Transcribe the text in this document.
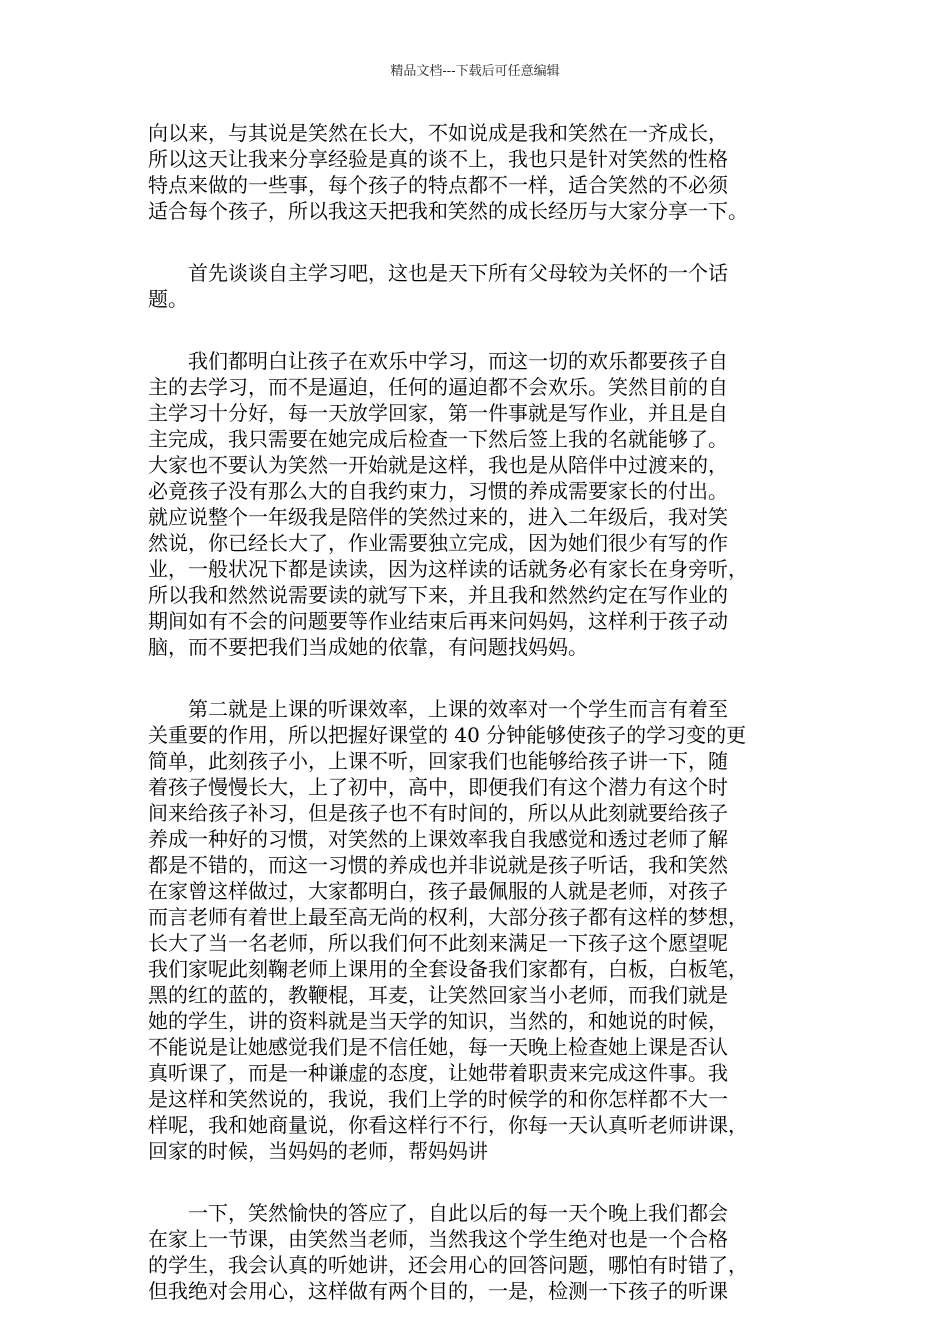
精品文档---下载后可任意编辑

向以来，与其说是笑然在长大，不如说成是我和笑然在一齐成长，
所以这天让我来分享经验是真的谈不上，我也只是针对笑然的性格
特点来做的一些事，每个孩子的特点都不一样，适合笑然的不必须
适合每个孩子，所以我这天把我和笑然的成长经历与大家分享一下。

　　首先谈谈自主学习吧，这也是天下所有父母较为关怀的一个话
题。

　　我们都明白让孩子在欢乐中学习，而这一切的欢乐都要孩子自
主的去学习，而不是逼迫，任何的逼迫都不会欢乐。笑然目前的自
主学习十分好，每一天放学回家，第一件事就是写作业，并且是自
主完成，我只需要在她完成后检查一下然后签上我的名就能够了。
大家也不要认为笑然一开始就是这样，我也是从陪伴中过渡来的，
必竟孩子没有那么大的自我约束力，习惯的养成需要家长的付出。
就应说整个一年级我是陪伴的笑然过来的，进入二年级后，我对笑
然说，你已经长大了，作业需要独立完成，因为她们很少有写的作
业，一般状况下都是读读，因为这样读的话就务必有家长在身旁听，
所以我和然然说需要读的就写下来，并且我和然然约定在写作业的
期间如有不会的问题要等作业结束后再来问妈妈，这样利于孩子动
脑，而不要把我们当成她的依靠，有问题找妈妈。

　　第二就是上课的听课效率，上课的效率对一个学生而言有着至
关重要的作用，所以把握好课堂的 40 分钟能够使孩子的学习变的更
简单，此刻孩子小，上课不听，回家我们也能够给孩子讲一下，随
着孩子慢慢长大，上了初中，高中，即便我们有这个潜力有这个时
间来给孩子补习，但是孩子也不有时间的，所以从此刻就要给孩子
养成一种好的习惯，对笑然的上课效率我自我感觉和透过老师了解
都是不错的，而这一习惯的养成也并非说就是孩子听话，我和笑然
在家曾这样做过，大家都明白，孩子最佩服的人就是老师，对孩子
而言老师有着世上最至高无尚的权利，大部分孩子都有这样的梦想，
长大了当一名老师，所以我们何不此刻来满足一下孩子这个愿望呢
我们家呢此刻鞠老师上课用的全套设备我们家都有，白板，白板笔，
黑的红的蓝的，教鞭棍，耳麦，让笑然回家当小老师，而我们就是
她的学生，讲的资料就是当天学的知识，当然的，和她说的时候，
不能说是让她感觉我们是不信任她，每一天晚上检查她上课是否认
真听课了，而是一种谦虚的态度，让她带着职责来完成这件事。我
是这样和笑然说的，我说，我们上学的时候学的和你怎样都不大一
样呢，我和她商量说，你看这样行不行，你每一天认真听老师讲课，
回家的时候，当妈妈的老师，帮妈妈讲

　　一下，笑然愉快的答应了，自此以后的每一天个晚上我们都会
在家上一节课，由笑然当老师，当然我这个学生绝对也是一个合格
的学生，我会认真的听她讲，还会用心的回答问题，哪怕有时错了，
但我绝对会用心，这样做有两个目的，一是，检测一下孩子的听课
